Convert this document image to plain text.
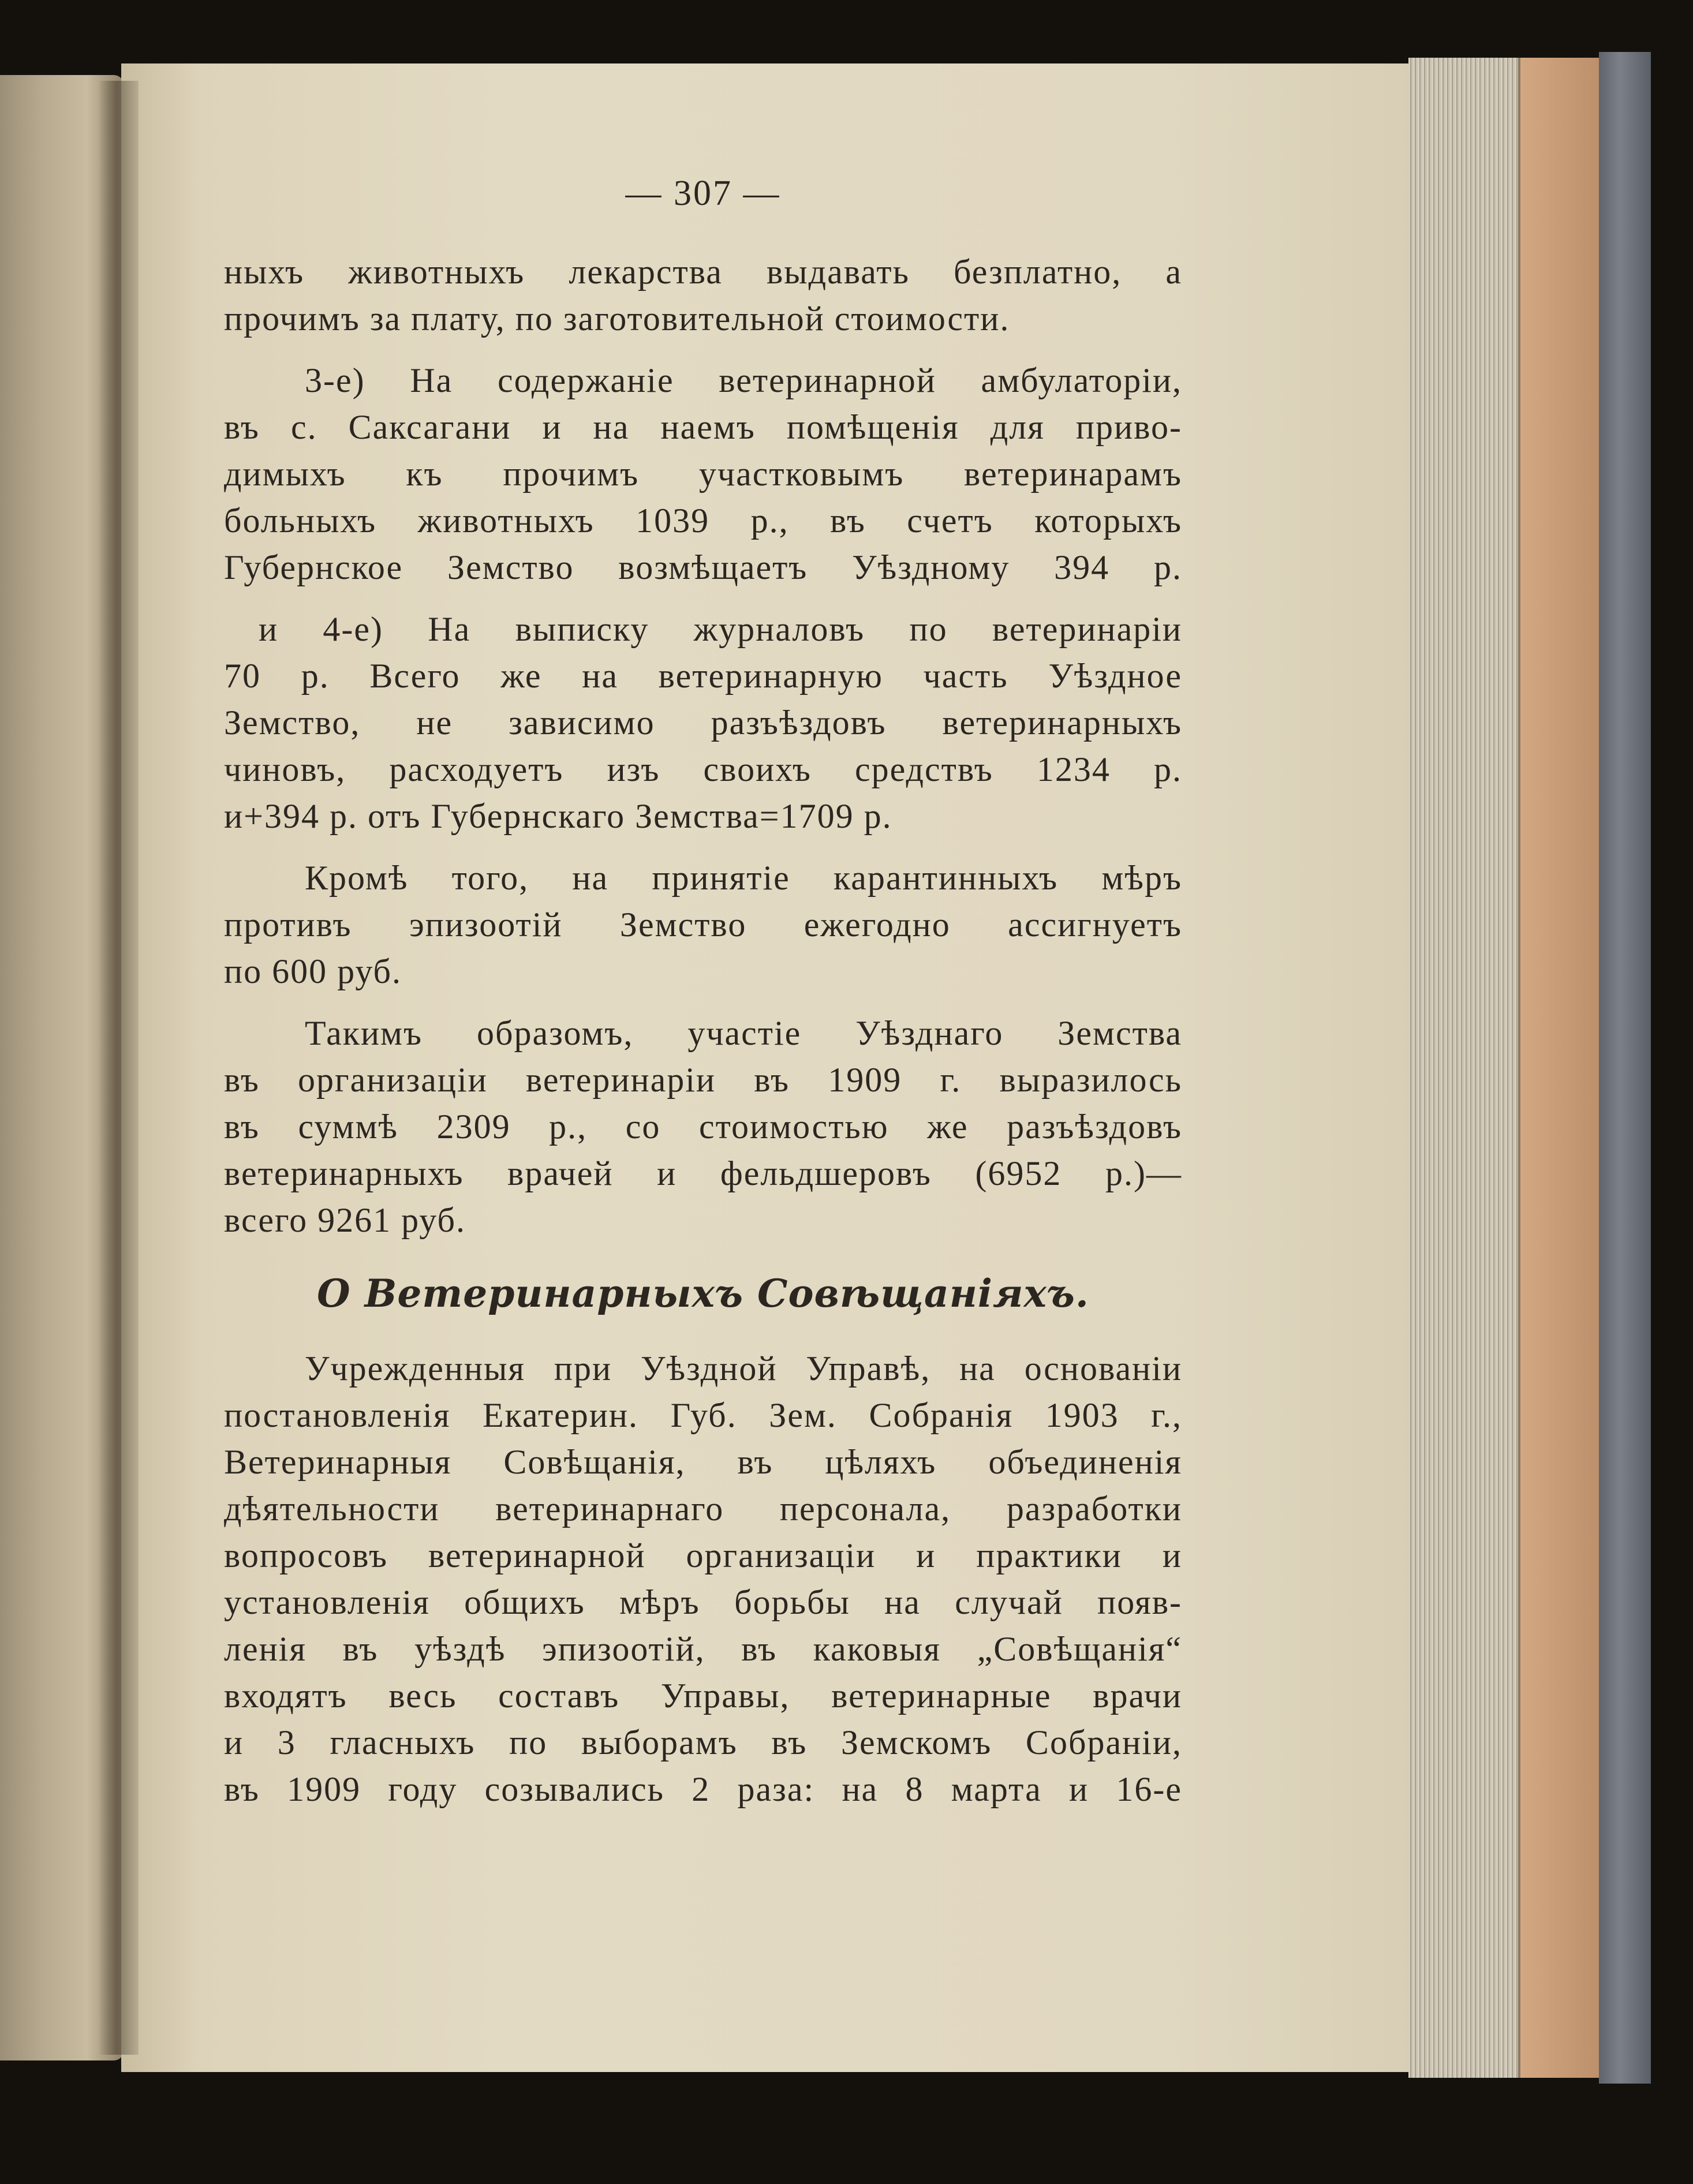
— 307 —
ныхъ животныхъ лекарства выдавать безплатно, а
прочимъ за плату, по заготовительной стоимости.
3-е) На содержаніе ветеринарной амбулаторіи,
въ с. Саксагани и на наемъ помѣщенія для приво-
димыхъ къ прочимъ участковымъ ветеринарамъ
больныхъ животныхъ 1039 р., въ счетъ которыхъ
Губернское Земство возмѣщаетъ Уѣздному 394 р.
и 4-е) На выписку журналовъ по ветеринаріи
70 р. Всего же на ветеринарную часть Уѣздное
Земство, не зависимо разъѣздовъ ветеринарныхъ
чиновъ, расходуетъ изъ своихъ средствъ 1234 р.
и+394 р. отъ Губернскаго Земства=1709 р.
Кромѣ того, на принятіе карантинныхъ мѣръ
противъ эпизоотій Земство ежегодно ассигнуетъ
по 600 руб.
Такимъ образомъ, участіе Уѣзднаго Земства
въ организаціи ветеринаріи въ 1909 г. выразилось
въ суммѣ 2309 р., со стоимостью же разъѣздовъ
ветеринарныхъ врачей и фельдшеровъ (6952 р.)—
всего 9261 руб.
О Ветеринарныхъ Совѣщаніяхъ.
Учрежденныя при Уѣздной Управѣ, на основаніи
постановленія Екатерин. Губ. Зем. Собранія 1903 г.,
Ветеринарныя Совѣщанія, въ цѣляхъ объединенія
дѣятельности ветеринарнаго персонала, разработки
вопросовъ ветеринарной организаціи и практики и
установленія общихъ мѣръ борьбы на случай появ-
ленія въ уѣздѣ эпизоотій, въ каковыя „Совѣщанія“
входятъ весь составъ Управы, ветеринарные врачи
и 3 гласныхъ по выборамъ въ Земскомъ Собраніи,
въ 1909 году созывались 2 раза: на 8 марта и 16-е
